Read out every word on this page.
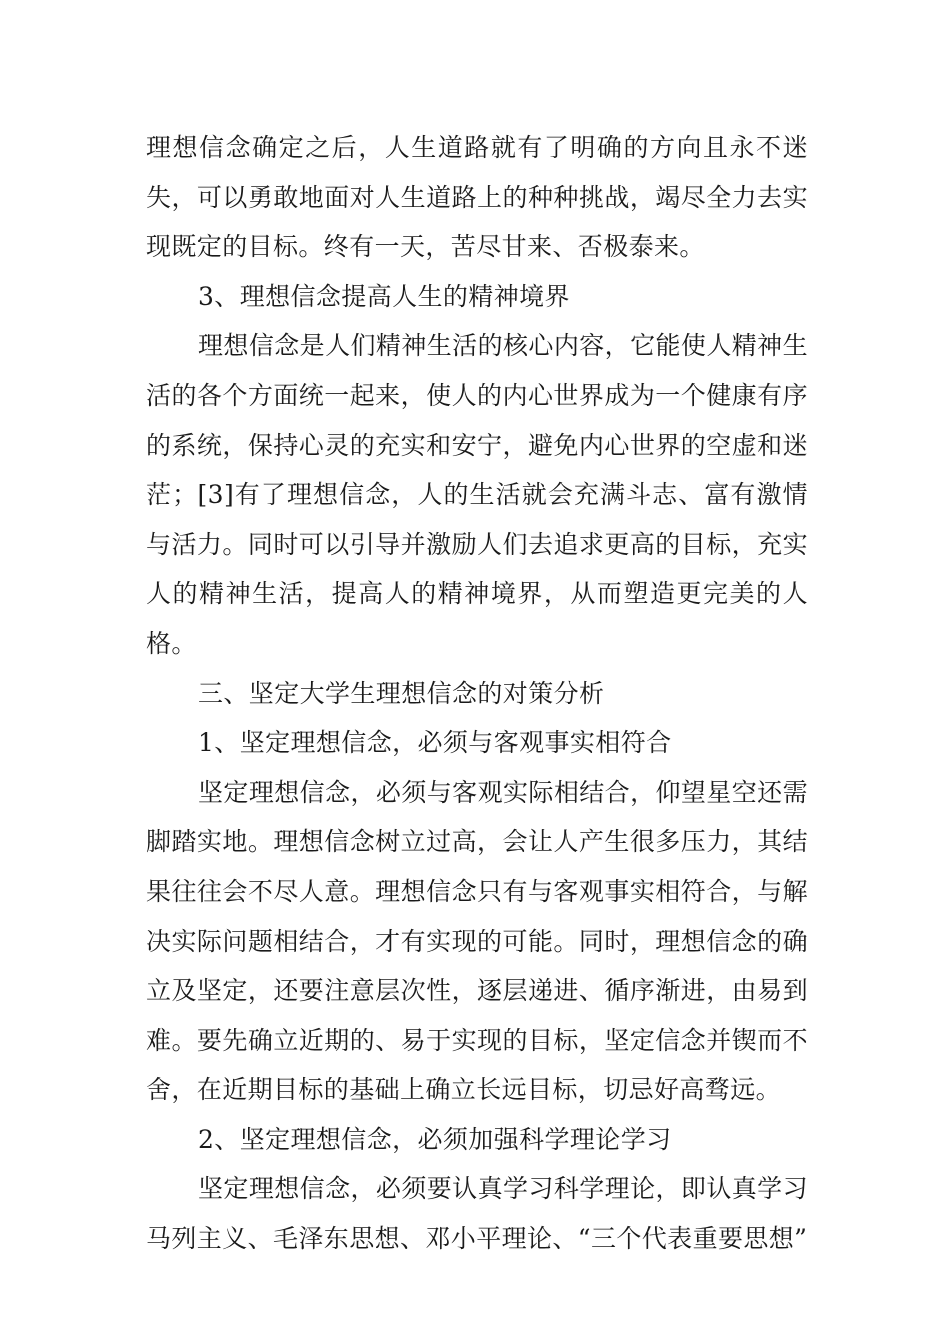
理想信念确定之后，人生道路就有了明确的方向且永不迷失，可以勇敢地面对人生道路上的种种挑战，竭尽全力去实现既定的目标。终有一天，苦尽甘来、否极泰来。

3、理想信念提高人生的精神境界

理想信念是人们精神生活的核心内容，它能使人精神生活的各个方面统一起来，使人的内心世界成为一个健康有序的系统，保持心灵的充实和安宁，避免内心世界的空虚和迷茫；[3]有了理想信念，人的生活就会充满斗志、富有激情与活力。同时可以引导并激励人们去追求更高的目标，充实人的精神生活，提高人的精神境界，从而塑造更完美的人格。

三、坚定大学生理想信念的对策分析

1、坚定理想信念，必须与客观事实相符合

坚定理想信念，必须与客观实际相结合，仰望星空还需脚踏实地。理想信念树立过高，会让人产生很多压力，其结果往往会不尽人意。理想信念只有与客观事实相符合，与解决实际问题相结合，才有实现的可能。同时，理想信念的确立及坚定，还要注意层次性，逐层递进、循序渐进，由易到难。要先确立近期的、易于实现的目标，坚定信念并锲而不舍，在近期目标的基础上确立长远目标，切忌好高骛远。

2、坚定理想信念，必须加强科学理论学习

坚定理想信念，必须要认真学习科学理论，即认真学习马列主义、毛泽东思想、邓小平理论、“三个代表重要思想”
